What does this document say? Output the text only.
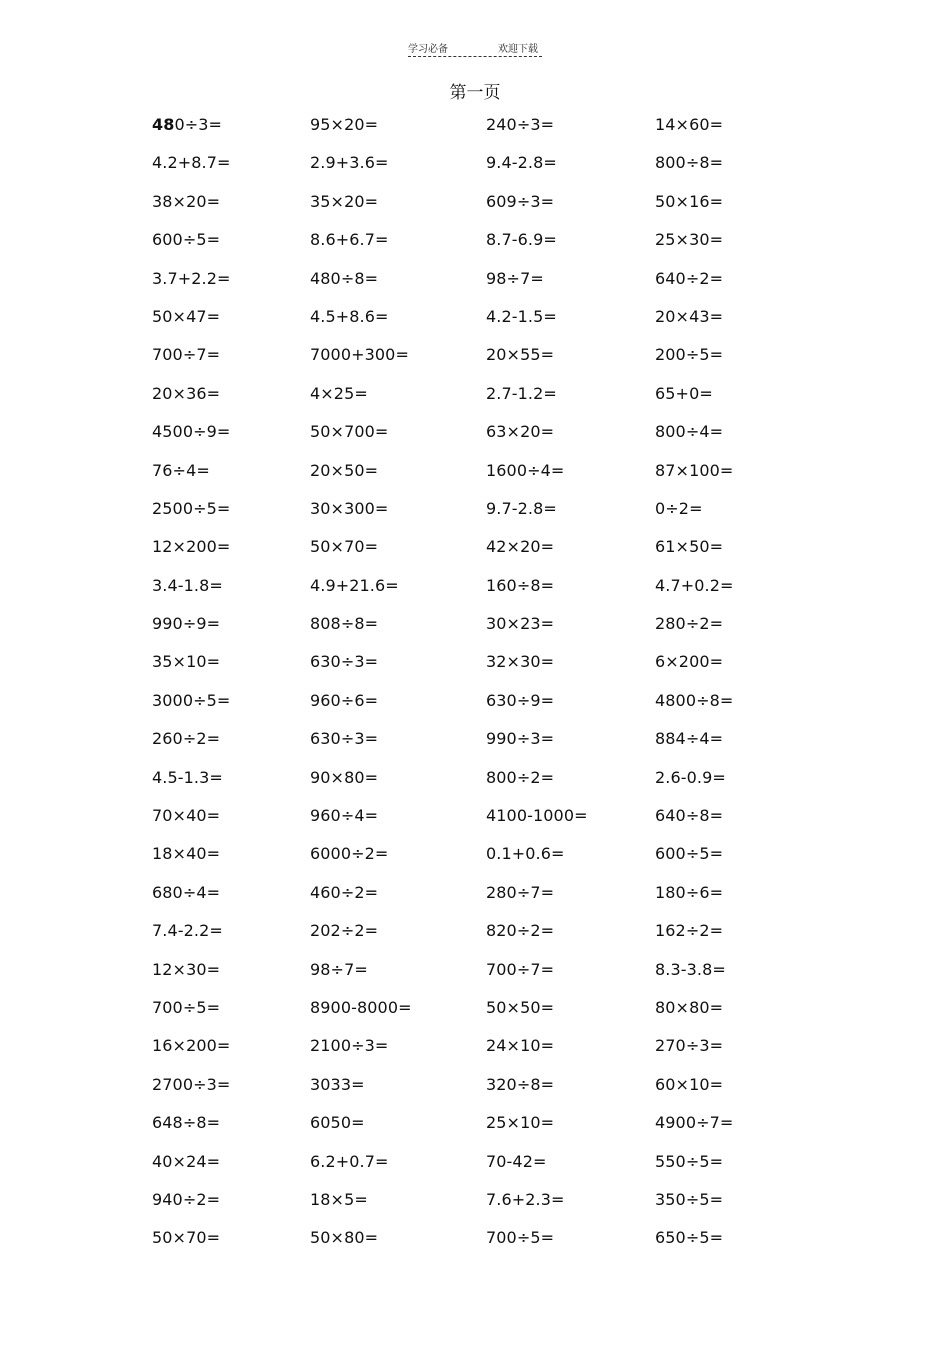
学习必备	欢迎下载
第一页
480÷3=	95×20=	240÷3=	14×60=
4.2+8.7=	2.9+3.6=	9.4-2.8=	800÷8=
38×20=	35×20=	609÷3=	50×16=
600÷5=	8.6+6.7=	8.7-6.9=	25×30=
3.7+2.2=	480÷8=	98÷7=	640÷2=
50×47=	4.5+8.6=	4.2-1.5=	20×43=
700÷7=	7000+300=	20×55=	200÷5=
20×36=	4×25=	2.7-1.2=	65+0=
4500÷9=	50×700=	63×20=	800÷4=
76÷4=	20×50=	1600÷4=	87×100=
2500÷5=	30×300=	9.7-2.8=	0÷2=
12×200=	50×70=	42×20=	61×50=
3.4-1.8=	4.9+21.6=	160÷8=	4.7+0.2=
990÷9=	808÷8=	30×23=	280÷2=
35×10=	630÷3=	32×30=	6×200=
3000÷5=	960÷6=	630÷9=	4800÷8=
260÷2=	630÷3=	990÷3=	884÷4=
4.5-1.3=	90×80=	800÷2=	2.6-0.9=
70×40=	960÷4=	4100-1000=	640÷8=
18×40=	6000÷2=	0.1+0.6=	600÷5=
680÷4=	460÷2=	280÷7=	180÷6=
7.4-2.2=	202÷2=	820÷2=	162÷2=
12×30=	98÷7=	700÷7=	8.3-3.8=
700÷5=	8900-8000=	50×50=	80×80=
16×200=	2100÷3=	24×10=	270÷3=
2700÷3=	3033=	320÷8=	60×10=
648÷8=	6050=	25×10=	4900÷7=
40×24=	6.2+0.7=	70-42=	550÷5=
940÷2=	18×5=	7.6+2.3=	350÷5=
50×70=	50×80=	700÷5=	650÷5=
